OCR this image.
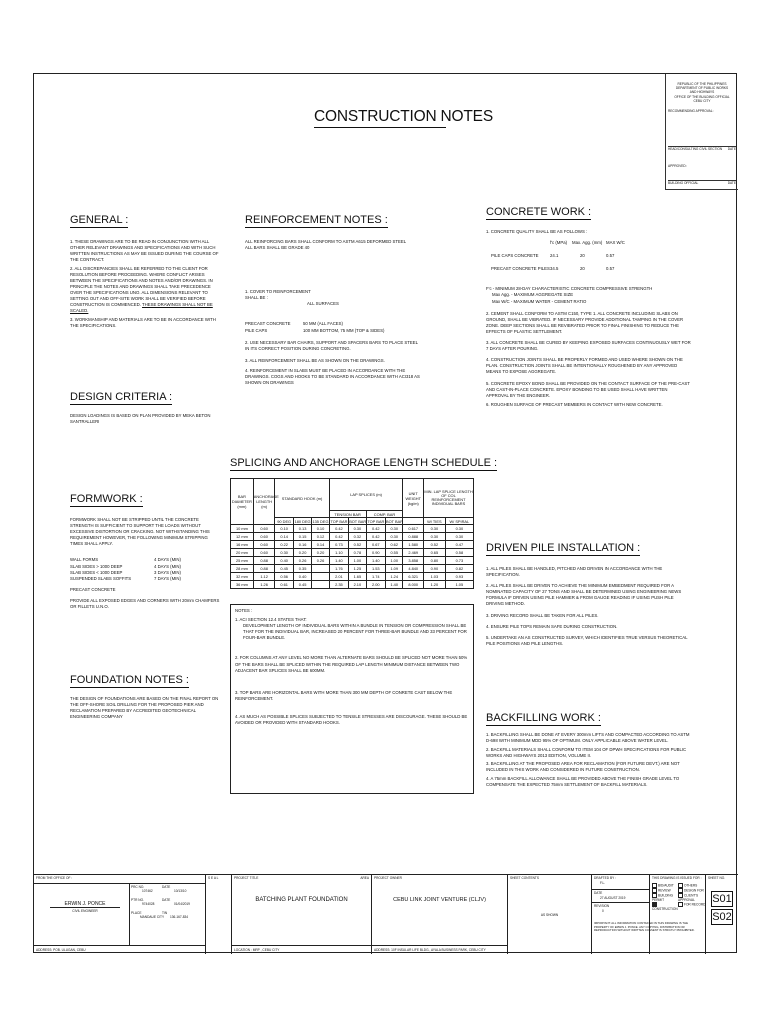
REPUBLIC OF THE PHILIPPINES
DEPARTMENT OF PUBLIC WORKS
AND HIGHWAYS
OFFICE OF THE BUILDING OFFICIAL
CEBU CITY
RECOMMENDING APPROVAL:
HEAD/CONSULTING CIVIL SECTION DATE
APPROVED:
BUILDING OFFICIAL	DATE
CONSTRUCTION NOTES
GENERAL :
1. THESE DRAWINGS ARE TO BE READ IN CONJUNCTION WITH ALL OTHER RELEVANT DRAWINGS AND SPECIFICATIONS AND WITH SUCH WRITTEN INSTRUCTIONS AS MAY BE ISSUED DURING THE COURSE OF THE CONTRACT.
2. ALL DISCREPANCIES SHALL BE REFERRED TO THE CLIENT FOR RESOLUTION BEFORE PROCEEDING. WHERE CONFLICT ARISES BETWEEN THE SPECIFICATIONS AND NOTES AND/OR DRAWINGS. IN PRINCIPLE THE NOTES AND DRAWINGS SHALL TAKE PRECEDENCE OVER THE SPECIFICATIONS UNO. ALL DIMENSIONS RELEVANT TO SETTING OUT AND OFF-SITE WORK SHALL BE VERIFIED BEFORE CONSTRUCTION IS COMMENCED. THESE DRAWINGS SHALL NOT BE SCALED.
3. WORKMANSHIP AND MATERIALS ARE TO BE IN ACCORDANCE WITH THE SPECIFICATIONS.
DESIGN CRITERIA :
DESIGN LOADINGS IS BASED ON PLAN PROVIDED BY MEKA BETON SANTRALLERI
FORMWORK :
FORMWORK SHALL NOT BE STRIPPED UNTIL THE CONCRETE STRENGTH IS SUFFICIENT TO SUPPORT THE LOADS WITHOUT EXCESSIVE DISTORTION OR CRACKING. NOT WITHSTANDING THIS REQUIREMENT HOWEVER, THE FOLLOWING MINIMUM STRIPPING TIMES SHALL APPLY.
WALL FORMS	4 DAYS (MIN)
SLAB SIDES > 1000 DEEP	4 DAYS (MIN)
SLAB SIDES < 1000 DEEP	3 DAYS (MIN)
SUSPENDED SLABS SOFFITS	7 DAYS (MIN)
PRECAST CONCRETE
PROVIDE ALL EXPOSED EDGES AND CORNERS WITH 20mm CHAMFERS OR FILLETS U.N.O.
FOUNDATION NOTES :
THE DESIGN OF FOUNDATIONS ARE BASED ON THE FINAL REPORT ON THE OFF-SHORE SOIL DRILLING FOR THE PROPOSED PIER AND RECLAMATION PREPARED BY ACCREDITED GEOTECHNICAL ENGINEERING COMPANY
REINFORCEMENT NOTES :
ALL REINFORCING BARS SHALL CONFORM TO ASTM A615 DEFORMED STEEL
ALL BARS SHALL BE GRADE 40
1. COVER TO REINFORCEMENT
SHALL BE :
ALL SURFACES
PRECAST CONCRETE	50 MM (ALL FACES)
PILE CAPS	100 MM BOTTOM, 75 MM (TOP & SIDES)
2. USE NECESSARY BAR CHAIRS, SUPPORT AND SPACERS BARS TO PLACE STEEL IN ITS CORRECT POSITION DURING CONCRETING.
3. ALL REINFORCEMENT SHALL BE AS SHOWN ON THE DRAWINGS.
4. REINFORCEMENT IN SLABS MUST BE PLACED IN ACCORDANCE WITH THE DRAWINGS. COGS AND HOOKS TO BE STANDARD IN ACCORDANCE WITH ACI318 AS SHOWN ON DRAWINGS
SPLICING AND ANCHORAGE LENGTH SCHEDULE :
BAR DIAMETER (mm)	ANCHORAGE LENGTH (m)	STANDARD HOOK (m)			LAP SPLICES (m)				UNIT WEIGHT (kg/m)	MIN. LAP SPLICE LENGTH OF COL REINFORCEMENT INDIVIDUAL BARS	
					TENSION BAR		COMP. BAR				
		90 DEG	180 DEG	135 DEG	TOP BAR	BOT BAR	TOP BAR	BOT BAR		W/ TIES	W/ SPIRAL
10 mm	0.60	0.10	0.13	0.10	0.42	0.30	0.42	0.30	0.617	0.30	0.30
12 mm	0.60	0.14	0.15	0.12	0.42	0.32	0.42	0.30	0.888	0.30	0.30
16 mm	0.60	0.22	0.16	0.14	0.73	0.52	0.67	0.62	1.580	0.52	0.47
20 mm	0.60	0.30	0.20	0.20	1.10	0.78	0.90	0.55	2.469	0.65	0.58
25 mm	0.88	0.40	0.26	0.26	1.40	1.00	1.40	1.00	3.858	0.80	0.73
28 mm	0.88	0.45	0.35		1.76	1.25	1.53	1.09	4.840	0.90	0.82
32 mm	1.12	0.56	0.40		2.01	1.65	1.74	1.24	6.321	1.03	0.93
36 mm	1.26	0.61	0.45		2.35	2.10	2.00	1.40	8.000	1.20	1.05
NOTES :
1. ACI SECTION 12.4 STATES THAT:
DEVELOPMENT LENGTH OF INDIVIDUAL BARS WITHIN A BUNDLE IN TENSION OR COMPRESSION SHALL BE THAT FOR THE INDIVIDUAL BAR, INCREASED 20 PERCENT FOR THREE-BAR BUNDLE AND 33 PERCENT FOR FOUR-BAR BUNDLE.
2. FOR COLUMNS AT ANY LEVEL NO MORE THAN ALTERNATE BARS SHOULD BE SPLICED NOT MORE THAN 50% OF THE BARS SHALL BE SPLICED WITHIN THE REQUIRED LAP LENGTH MINIMUM DISTANCE BETWEEN TWO ADJACENT BAR SPLICES SHALL BE 600MM.
3. TOP BARS ARE HORIZONTAL BARS WITH MORE THAN 300 MM DEPTH OF CONRETE CAST BELOW THE REINFORCEMENT.
4. AS MUCH AS POSSIBLE SPLICES SUBJECTED TO TENSILE STRESSES ARE DISCOURAGE. THESE SHOULD BE AVOIDED OR PROVIDED WITH STANDARD HOOKS.
CONCRETE WORK :
1. CONCRETE QUALITY SHALL BE AS FOLLOWS :
f'c (MPa)	Max. Agg. (mm) MAX W/C
PILE CAPS CONCRETE	24.1	20	0.57
PRECAST CONCRETE PILES 34.5	20	0.57
F'c - MINIMUM 28-DAY CHARACTERISTIC CONCRETE COMPRESSIVE STRENGTH
Max Agg. - MAXIMUM AGGREGATE SIZE
Max W/C - MAXIMUM WATER - CEMENT RATIO
2. CEMENT SHALL CONFORM TO ASTM C150, TYPE 1. ALL CONCRETE INCLUDING SLABS ON GROUND, SHALL BE VIBRATED. IF NECESSARY PROVIDE ADDITIONAL TAMPING IN THE COVER ZONE. DEEP SECTIONS SHALL BE REVIBRATED PRIOR TO FINAL FINISHING TO REDUCE THE EFFECTS OF PLASTIC SETTLEMENT.
3. ALL CONCRETE SHALL BE CURED BY KEEPING EXPOSED SURFACES CONTINUOUSLY WET FOR 7 DAYS AFTER POURING.
4. CONSTRUCTION JOINTS SHALL BE PROPERLY FORMED AND USED WHERE SHOWN ON THE PLAN. CONSTRUCTION JOINTS SHALL BE INTENTIONALLY ROUGHENED BY ANY APPROVED MEANS TO EXPOSE AGGREGATE.
5. CONCRETE EPOXY BOND SHALL BE PROVIDED ON THE CONTACT SURFACE OF THE PRE-CAST AND CAST-IN-PLACE CONCRETE. EPOXY BONDING TO BE USED SHALL HAVE WRITTEN APPROVAL BY THE ENGINEER.
6. ROUGHEN SURFACE OF PRECAST MEMBERS IN CONTACT WITH NEW CONCRETE.
DRIVEN PILE INSTALLATION :
1. ALL PILES SHALL BE HANDLED, PITCHED AND DRIVEN IN ACCORDANCE WITH THE SPECIFICATION.
2. ALL PILES SHALL BE DRIVEN TO ACHIEVE THE MINIMUM EMBEDMENT REQUIRED FOR A NOMINATED CAPACITY OF 27 TONS AND SHALL BE DETERMINED USING ENGINEERING NEWS FORMULA IF DRIVEN USING PILE HAMMER & FROM GAUGE READING IF USING PUSH PILE DRIVING METHOD.
3. DRIVING RECORD SHALL BE TAKEN FOR ALL PILES.
4. ENSURE PILE TOPS REMAIN SAFE DURING CONSTRUCTION.
5. UNDERTAKE AN AS CONSTRUCTED SURVEY, WHICH IDENTIFIES TRUE VERSUS THEORETICAL PILE POSITIONS AND PILE LENGTHS.
BACKFILLING WORK :
1. BACKFILLING SHALL BE DONE AT EVERY 300mm LIFTS AND COMPACTED ACCORDING TO ASTM D-698 WITH MINIMUM MDD 95% OF OPTIMUM. ONLY APPLICABLE ABOVE WATER LEVEL.
2. BACKFILL MATERIALS SHALL CONFORM TO ITEM 104 OF DPWH SPECIFICATIONS FOR PUBLIC WORKS AND HIGHWAYS 2013 EDITION, VOLUME II.
3. BACKFILLING AT THE PROPOSED AREA FOR RECLAMATION (FOR FUTURE DEVT.) ARE NOT INCLUDED IN THIS WORK AND CONSIDERED IN FUTURE CONSTRUCTION.
4. A 75mm BACKFILL ALLOWANCE SHALL BE PROVIDED ABOVE THE FINISH GRADE LEVEL TO COMPENSATE THE EXPECTED 75mm SETTLEMENT OF BACKFILL MATERIALS.
FROM THE OFFICE OF :
ERWIN J. PONCE
CIVIL ENGINEER
PRC NO.
107462
DATE
10/13/10
PTR NO.
9744028
DATE
01/04/2019
PLACE
MANDAUE CITY
TIN
136-167-834
ADDRESS: POB. ULUGAN, CEBU
S E A L	PROJECT TITLE	AREA
BATCHING PLANT FOUNDATION
LOCATION : MRP , CEBU CITY
PROJECT OWNER
CEBU LINK JOINT VENTURE (CLJV)
ADDRESS: 10F INSULAR LIFE BLDG., AYALA BUSINESS PARK, CEBU CITY
SHEET CONTENTS
AS SHOWN
DRAFTED BY :
F.L.
DATE
27 AUGUST 2019
REVISION
0
THIS DRAWING IS ISSUED FOR :
BID/AUDIT
REVIEW
BUILDING PERMIT
CONSTRUCTION
OTHERS
DESIGN FOR
CLIENT'S APPROVAL
FOR RECORD
IMPORTANT: ALL INFORMATION CONTAINED IN THIS DRAWING IS THE PROPERTY OF ERWIN J. PONCE. ANY COPYING, DISTRIBUTION OR REPRODUCTION WITHOUT WRITTEN CONSENT IS STRICTLY PROHIBITED.
SHEET NO.
S01
S02
